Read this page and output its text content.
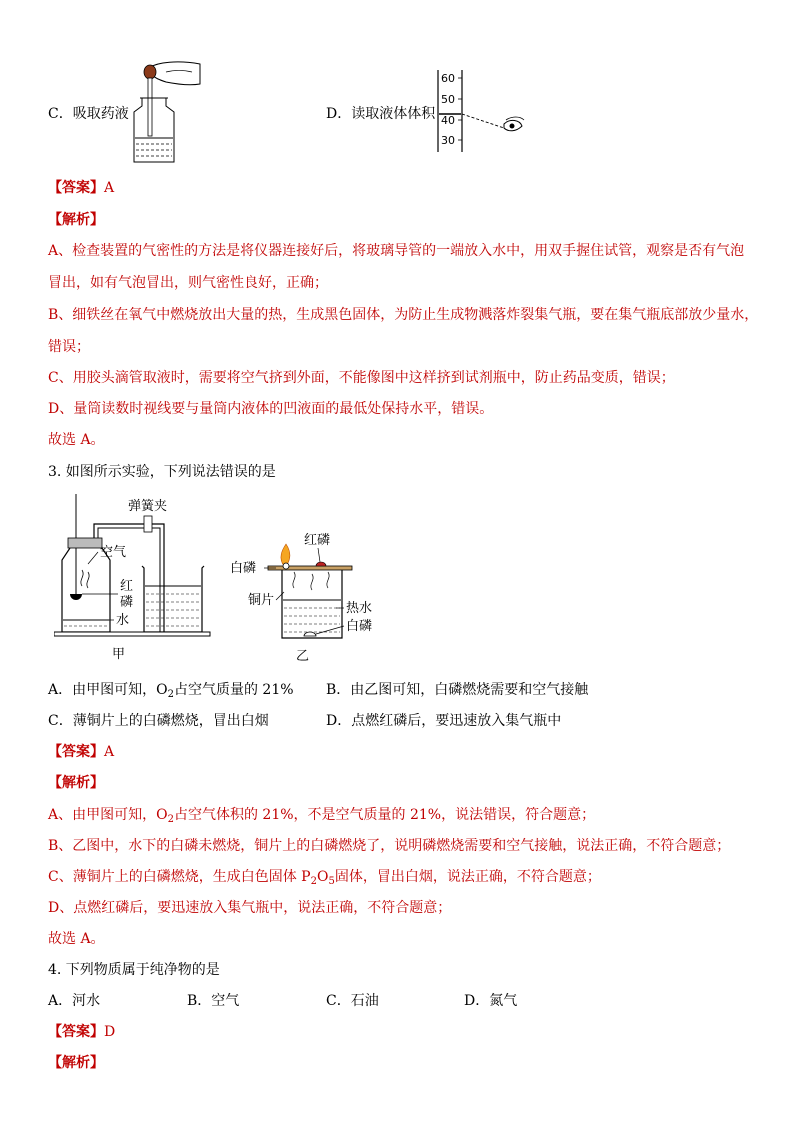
C．吸取药液	D．读取液体体积
60
50
40
30
【答案】A
【解析】
A、检查装置的气密性的方法是将仪器连接好后，将玻璃导管的一端放入水中，用双手握住试管，观察是否有气泡
冒出，如有气泡冒出，则气密性良好，正确；
B、细铁丝在氧气中燃烧放出大量的热，生成黑色固体，为防止生成物溅落炸裂集气瓶，要在集气瓶底部放少量水，
错误；
C、用胶头滴管取液时，需要将空气挤到外面，不能像图中这样挤到试剂瓶中，防止药品变质，错误；
D、量筒读数时视线要与量筒内液体的凹液面的最低处保持水平，错误。
故选 A。
3. 如图所示实验，下列说法错误的是
弹簧夹
空气
红
磷
水
甲
红磷
白磷
铜片
热水
白磷
乙
A．由甲图可知，$O_2$占空气质量的 21% B．由乙图可知，白磷燃烧需要和空气接触
C．薄铜片上的白磷燃烧，冒出白烟	D．点燃红磷后，要迅速放入集气瓶中
【答案】A
【解析】
A、由甲图可知，$O_2$占空气体积的 21%，不是空气质量的 21%，说法错误，符合题意；
B、乙图中，水下的白磷未燃烧，铜片上的白磷燃烧了，说明磷燃烧需要和空气接触，说法正确，不符合题意；
C、薄铜片上的白磷燃烧，生成白色固体 $P_2O_5$固体，冒出白烟，说法正确，不符合题意；
D、点燃红磷后，要迅速放入集气瓶中，说法正确，不符合题意；
故选 A。
4. 下列物质属于纯净物的是
A．河水	B．空气	C．石油	D．氮气
【答案】D
【解析】
